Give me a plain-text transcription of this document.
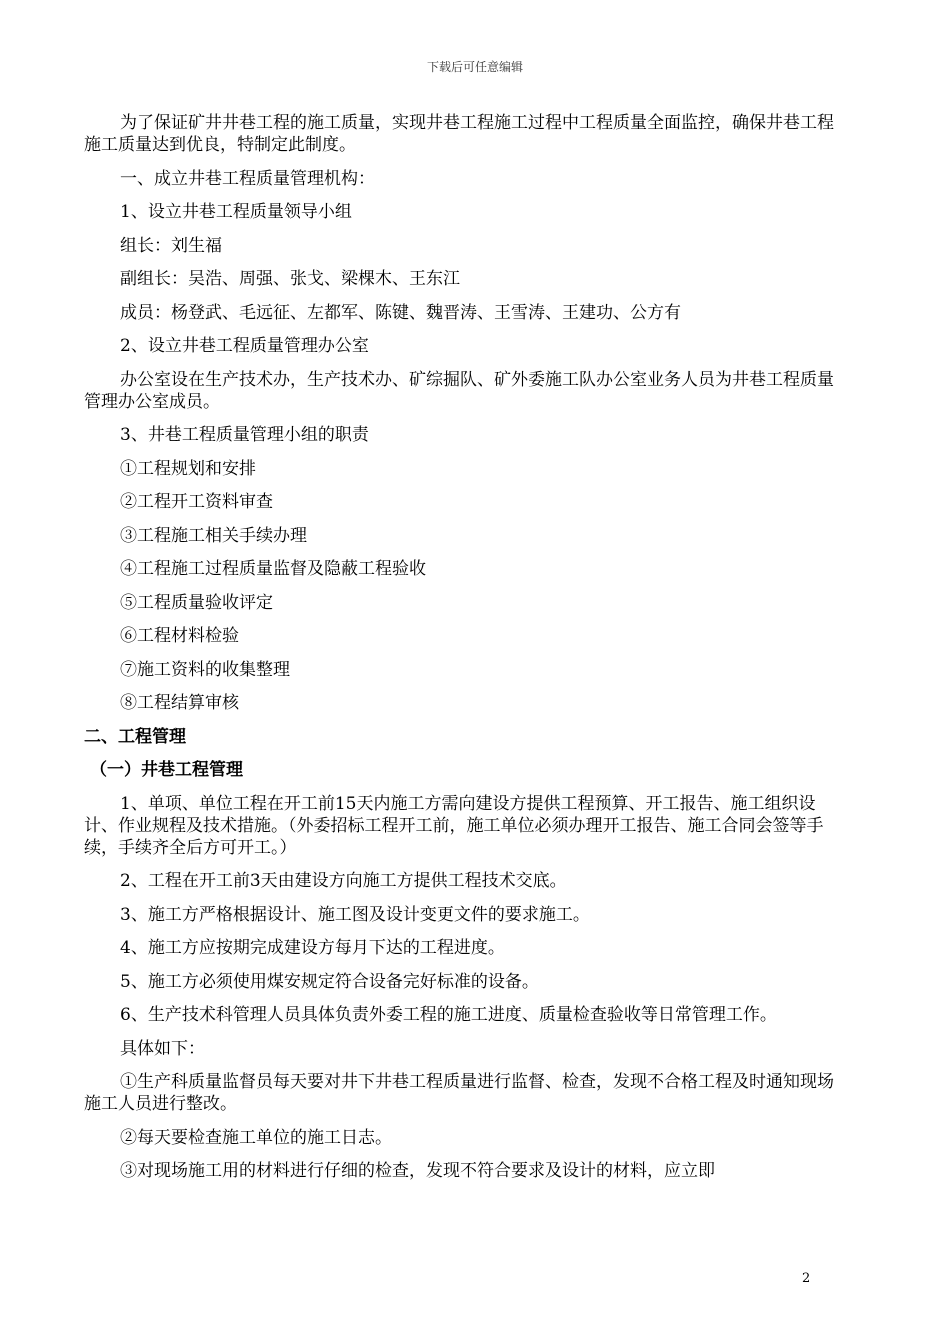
下载后可任意编辑
为了保证矿井井巷工程的施工质量，实现井巷工程施工过程中工程质量全面监控，确保井巷工程施工质量达到优良，特制定此制度。
一、成立井巷工程质量管理机构：
1、设立井巷工程质量领导小组
组长：刘生福
副组长：吴浩、周强、张戈、梁棵木、王东江
成员：杨登武、毛远征、左都军、陈键、魏晋涛、王雪涛、王建功、公方有
2、设立井巷工程质量管理办公室
办公室设在生产技术办，生产技术办、矿综掘队、矿外委施工队办公室业务人员为井巷工程质量管理办公室成员。
3、井巷工程质量管理小组的职责
①工程规划和安排
②工程开工资料审查
③工程施工相关手续办理
④工程施工过程质量监督及隐蔽工程验收
⑤工程质量验收评定
⑥工程材料检验
⑦施工资料的收集整理
⑧工程结算审核
二、工程管理
（一）井巷工程管理
1、单项、单位工程在开工前15天内施工方需向建设方提供工程预算、开工报告、施工组织设计、作业规程及技术措施。（外委招标工程开工前，施工单位必须办理开工报告、施工合同会签等手续，手续齐全后方可开工。）
2、工程在开工前3天由建设方向施工方提供工程技术交底。
3、施工方严格根据设计、施工图及设计变更文件的要求施工。
4、施工方应按期完成建设方每月下达的工程进度。
5、施工方必须使用煤安规定符合设备完好标准的设备。
6、生产技术科管理人员具体负责外委工程的施工进度、质量检查验收等日常管理工作。
具体如下：
①生产科质量监督员每天要对井下井巷工程质量进行监督、检查，发现不合格工程及时通知现场施工人员进行整改。
②每天要检查施工单位的施工日志。
③对现场施工用的材料进行仔细的检查，发现不符合要求及设计的材料，应立即
2
